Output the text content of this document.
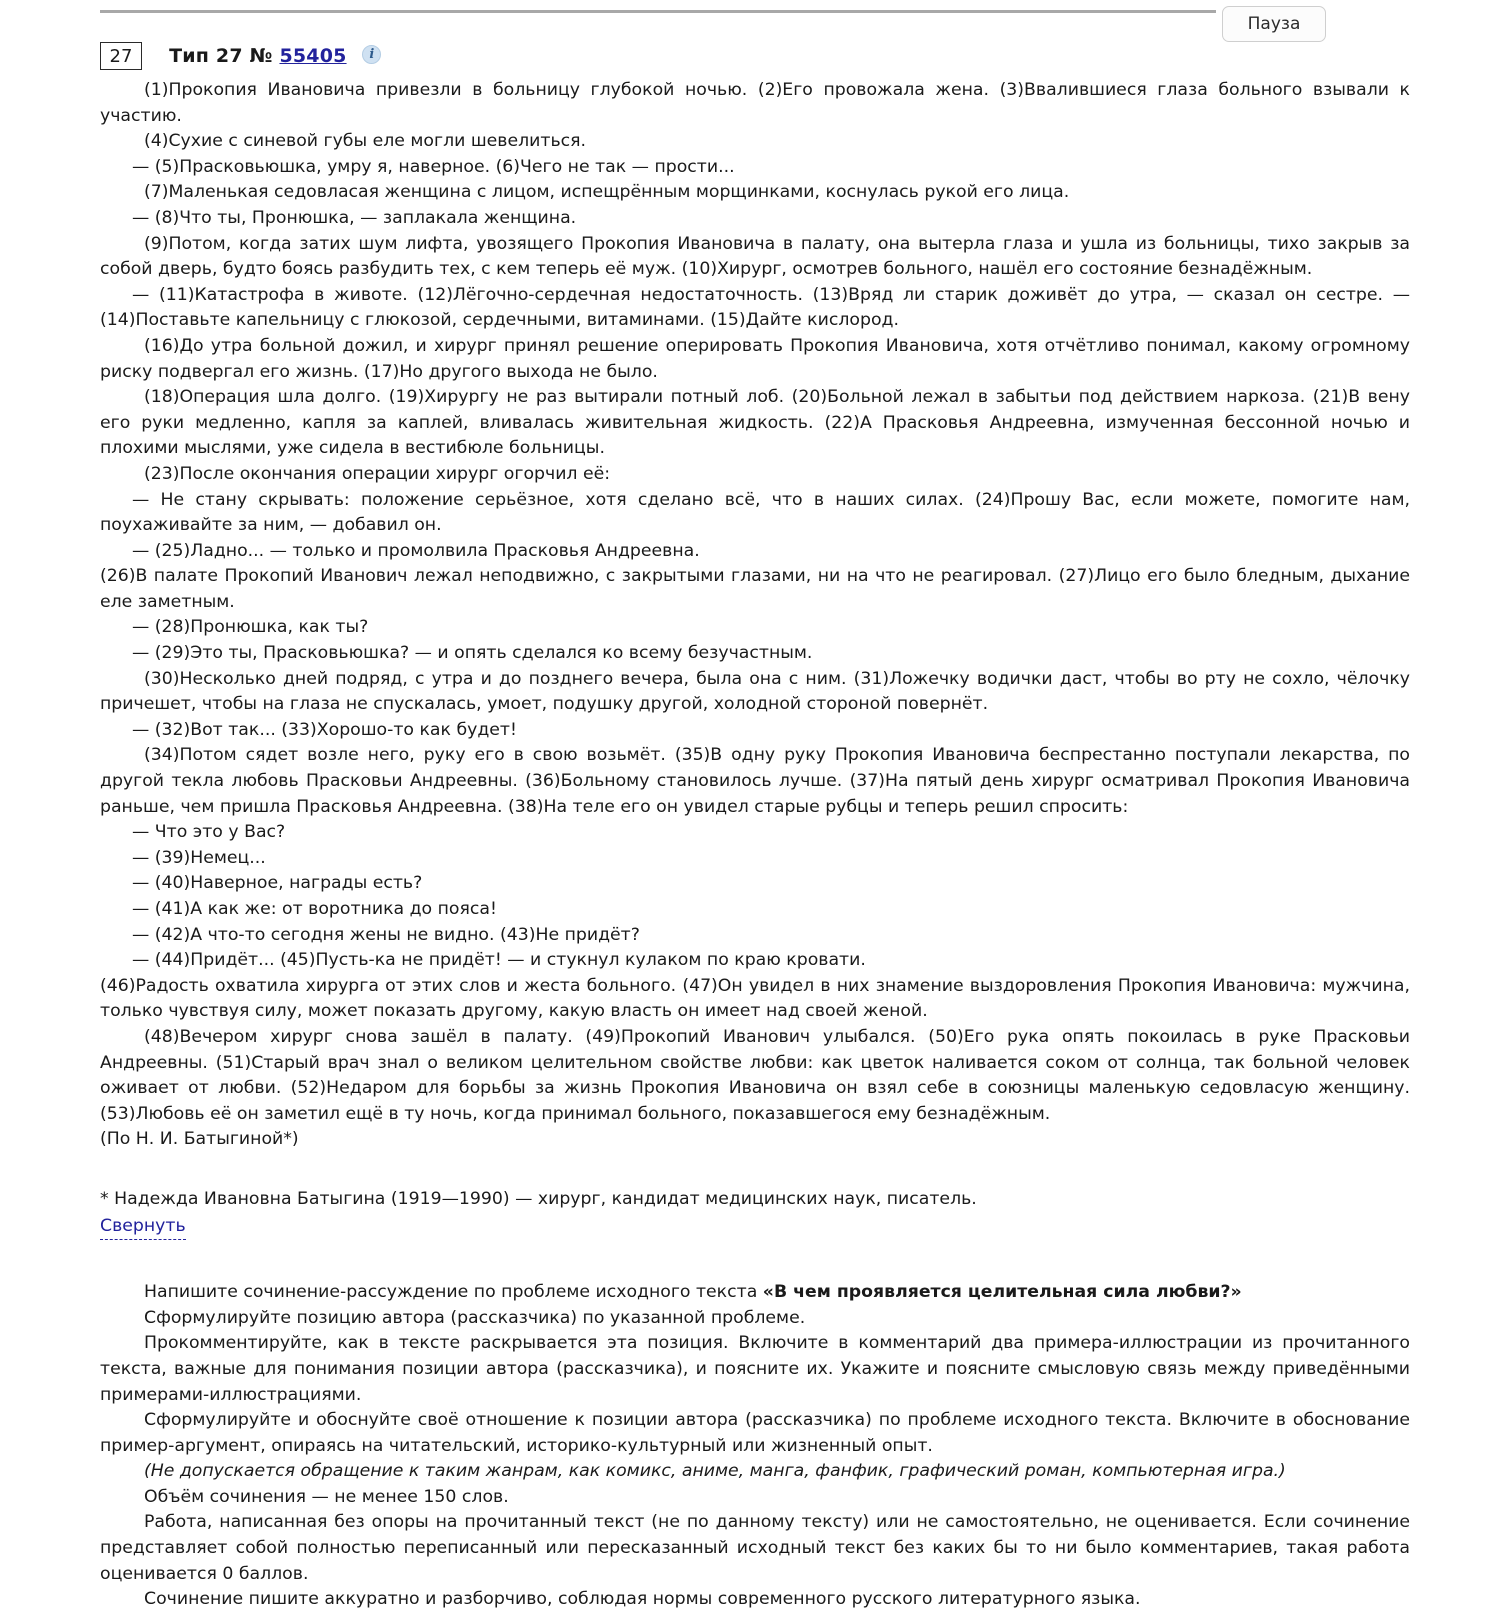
Пауза
27 Тип 27 № 55405 i

(1)Прокопия Ивановича привезли в больницу глубокой ночью. (2)Его провожала жена. (3)Ввалившиеся глаза больного взывали к участию.

(4)Сухие с синевой губы еле могли шевелиться.

— (5)Прасковьюшка, умру я, наверное. (6)Чего не так — прости...

(7)Маленькая седовласая женщина с лицом, испещрённым морщинками, коснулась рукой его лица.

— (8)Что ты, Пронюшка, — заплакала женщина.

(9)Потом, когда затих шум лифта, увозящего Прокопия Ивановича в палату, она вытерла глаза и ушла из больницы, тихо закрыв за собой дверь, будто боясь разбудить тех, с кем теперь её муж. (10)Хирург, осмотрев больного, нашёл его состояние безнадёжным.

— (11)Катастрофа в животе. (12)Лёгочно-сердечная недостаточность. (13)Вряд ли старик доживёт до утра, — сказал он сестре. — (14)Поставьте капельницу с глюкозой, сердечными, витаминами. (15)Дайте кислород.

(16)До утра больной дожил, и хирург принял решение оперировать Прокопия Ивановича, хотя отчётливо понимал, какому огромному риску подвергал его жизнь. (17)Но другого выхода не было.

(18)Операция шла долго. (19)Хирургу не раз вытирали потный лоб. (20)Больной лежал в забытьи под действием наркоза. (21)В вену его руки медленно, капля за каплей, вливалась живительная жидкость. (22)А Прасковья Андреевна, измученная бессонной ночью и плохими мыслями, уже сидела в вестибюле больницы.

(23)После окончания операции хирург огорчил её:

— Не стану скрывать: положение серьёзное, хотя сделано всё, что в наших силах. (24)Прошу Вас, если можете, помогите нам, поухаживайте за ним, — добавил он.

— (25)Ладно... — только и промолвила Прасковья Андреевна.

(26)В палате Прокопий Иванович лежал неподвижно, с закрытыми глазами, ни на что не реагировал. (27)Лицо его было бледным, дыхание еле заметным.

— (28)Пронюшка, как ты?

— (29)Это ты, Прасковьюшка? — и опять сделался ко всему безучастным.

(30)Несколько дней подряд, с утра и до позднего вечера, была она с ним. (31)Ложечку водички даст, чтобы во рту не сохло, чёлочку причешет, чтобы на глаза не спускалась, умоет, подушку другой, холодной стороной повернёт.

— (32)Вот так... (33)Хорошо-то как будет!

(34)Потом сядет возле него, руку его в свою возьмёт. (35)В одну руку Прокопия Ивановича беспрестанно поступали лекарства, по другой текла любовь Прасковьи Андреевны. (36)Больному становилось лучше. (37)На пятый день хирург осматривал Прокопия Ивановича раньше, чем пришла Прасковья Андреевна. (38)На теле его он увидел старые рубцы и теперь решил спросить:

— Что это у Вас?

— (39)Немец...

— (40)Наверное, награды есть?

— (41)А как же: от воротника до пояса!

— (42)А что-то сегодня жены не видно. (43)Не придёт?

— (44)Придёт... (45)Пусть-ка не придёт! — и стукнул кулаком по краю кровати.

(46)Радость охватила хирурга от этих слов и жеста больного. (47)Он увидел в них знамение выздоровления Прокопия Ивановича: мужчина, только чувствуя силу, может показать другому, какую власть он имеет над своей женой.

(48)Вечером хирург снова зашёл в палату. (49)Прокопий Иванович улыбался. (50)Его рука опять покоилась в руке Прасковьи Андреевны. (51)Старый врач знал о великом целительном свойстве любви: как цветок наливается соком от солнца, так больной человек оживает от любви. (52)Недаром для борьбы за жизнь Прокопия Ивановича он взял себе в союзницы маленькую седовласую женщину. (53)Любовь её он заметил ещё в ту ночь, когда принимал больного, показавшегося ему безнадёжным.

(По Н. И. Батыгиной*)

* Надежда Ивановна Батыгина (1919—1990) — хирург, кандидат медицинских наук, писатель.
Свернуть

Напишите сочинение-рассуждение по проблеме исходного текста «В чем проявляется целительная сила любви?»

Сформулируйте позицию автора (рассказчика) по указанной проблеме.

Прокомментируйте, как в тексте раскрывается эта позиция. Включите в комментарий два примера-иллюстрации из прочитанного текста, важные для понимания позиции автора (рассказчика), и поясните их. Укажите и поясните смысловую связь между приведёнными примерами-иллюстрациями.

Сформулируйте и обоснуйте своё отношение к позиции автора (рассказчика) по проблеме исходного текста. Включите в обоснование пример-аргумент, опираясь на читательский, историко-культурный или жизненный опыт.

(Не допускается обращение к таким жанрам, как комикс, аниме, манга, фанфик, графический роман, компьютерная игра.)

Объём сочинения — не менее 150 слов.

Работа, написанная без опоры на прочитанный текст (не по данному тексту) или не самостоятельно, не оценивается. Если сочинение представляет собой полностью переписанный или пересказанный исходный текст без каких бы то ни было комментариев, такая работа оценивается 0 баллов.

Сочинение пишите аккуратно и разборчиво, соблюдая нормы современного русского литературного языка.
